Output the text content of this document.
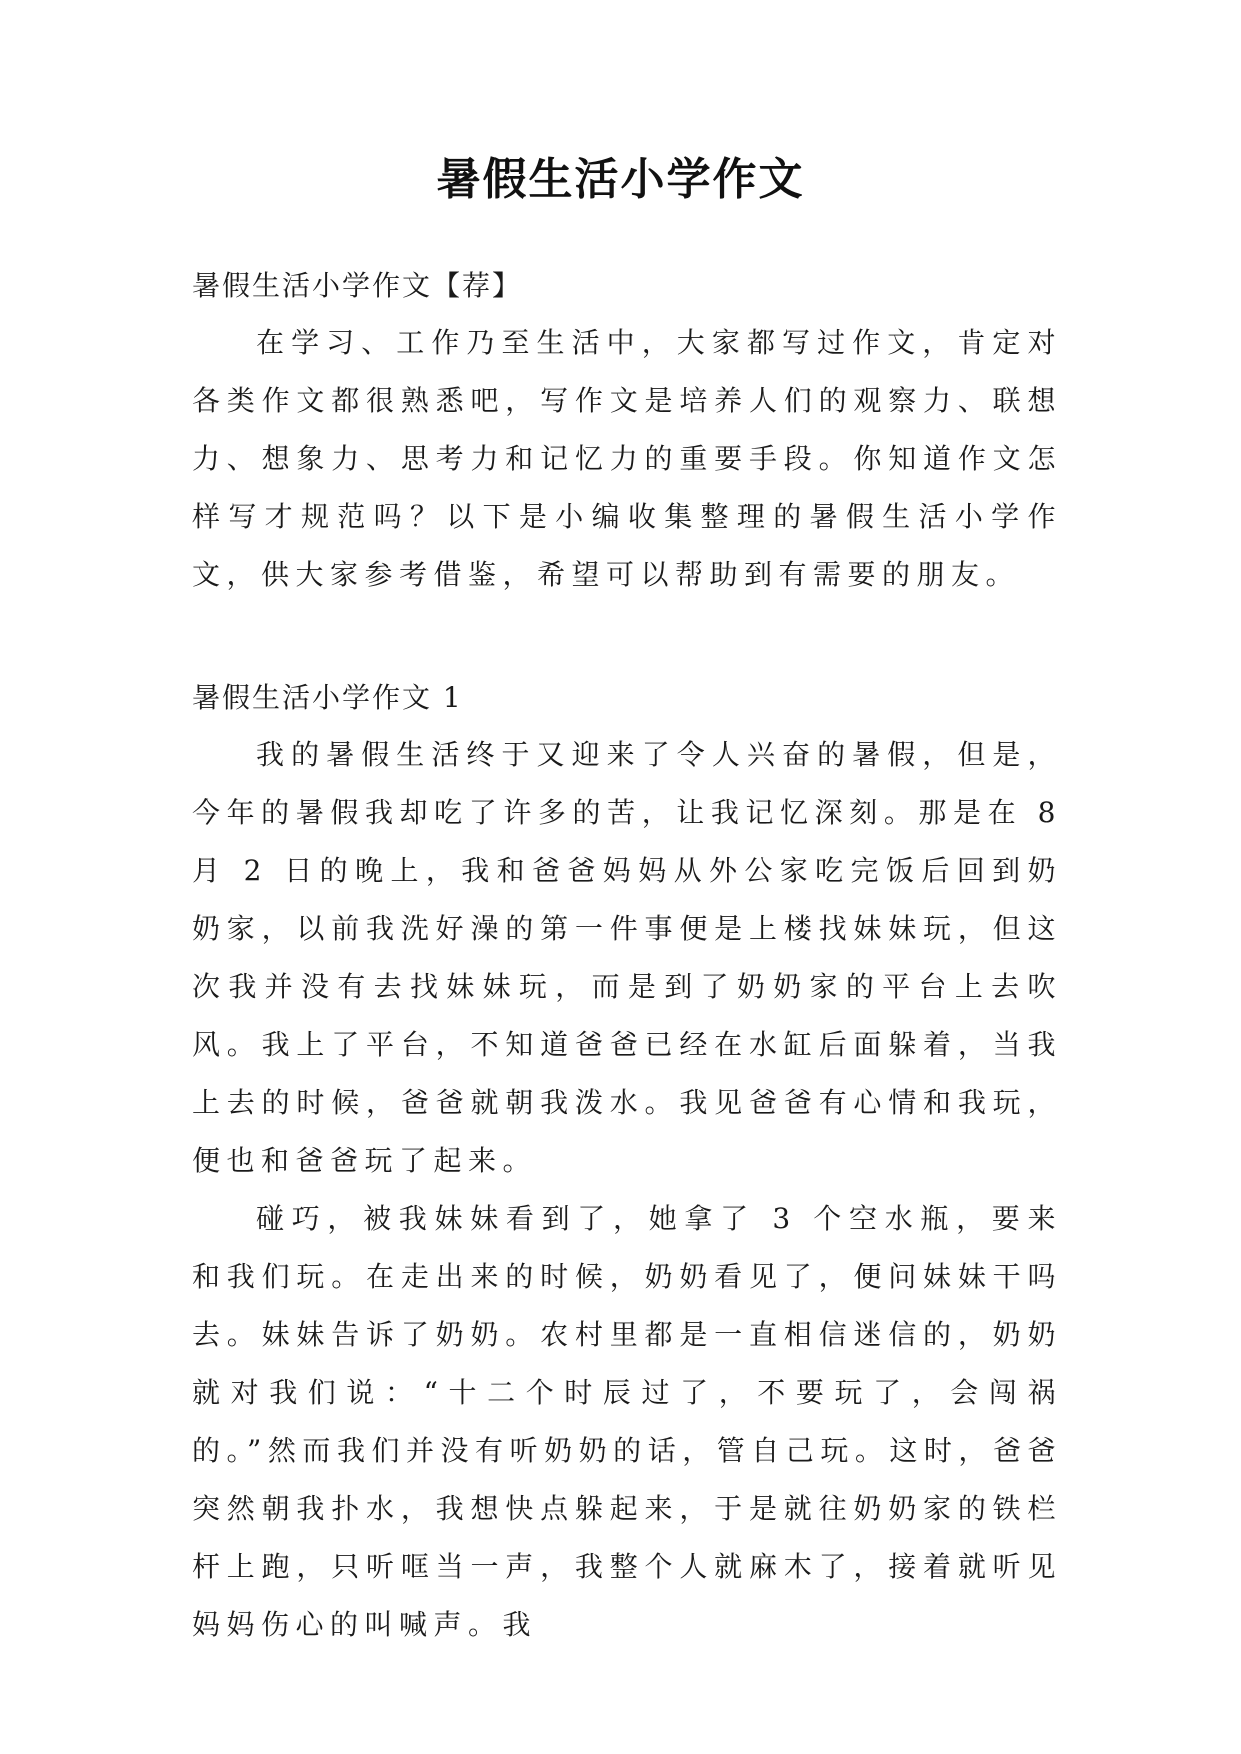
暑假生活小学作文

暑假生活小学作文【荐】

在学习、工作乃至生活中，大家都写过作文，肯定对各类作文都很熟悉吧，写作文是培养人们的观察力、联想力、想象力、思考力和记忆力的重要手段。你知道作文怎样写才规范吗？以下是小编收集整理的暑假生活小学作文，供大家参考借鉴，希望可以帮助到有需要的朋友。

暑假生活小学作文 1

我的暑假生活终于又迎来了令人兴奋的暑假，但是，今年的暑假我却吃了许多的苦，让我记忆深刻。那是在 8 月 2 日的晚上，我和爸爸妈妈从外公家吃完饭后回到奶奶家，以前我洗好澡的第一件事便是上楼找妹妹玩，但这次我并没有去找妹妹玩，而是到了奶奶家的平台上去吹风。我上了平台，不知道爸爸已经在水缸后面躲着，当我上去的时候，爸爸就朝我泼水。我见爸爸有心情和我玩，便也和爸爸玩了起来。

碰巧，被我妹妹看到了，她拿了 3 个空水瓶，要来和我们玩。在走出来的时候，奶奶看见了，便问妹妹干吗去。妹妹告诉了奶奶。农村里都是一直相信迷信的，奶奶就对我们说：“十二个时辰过了，不要玩了，会闯祸的。”然而我们并没有听奶奶的话，管自己玩。这时，爸爸突然朝我扑水，我想快点躲起来，于是就往奶奶家的铁栏杆上跑，只听哐当一声，我整个人就麻木了，接着就听见妈妈伤心的叫喊声。我
